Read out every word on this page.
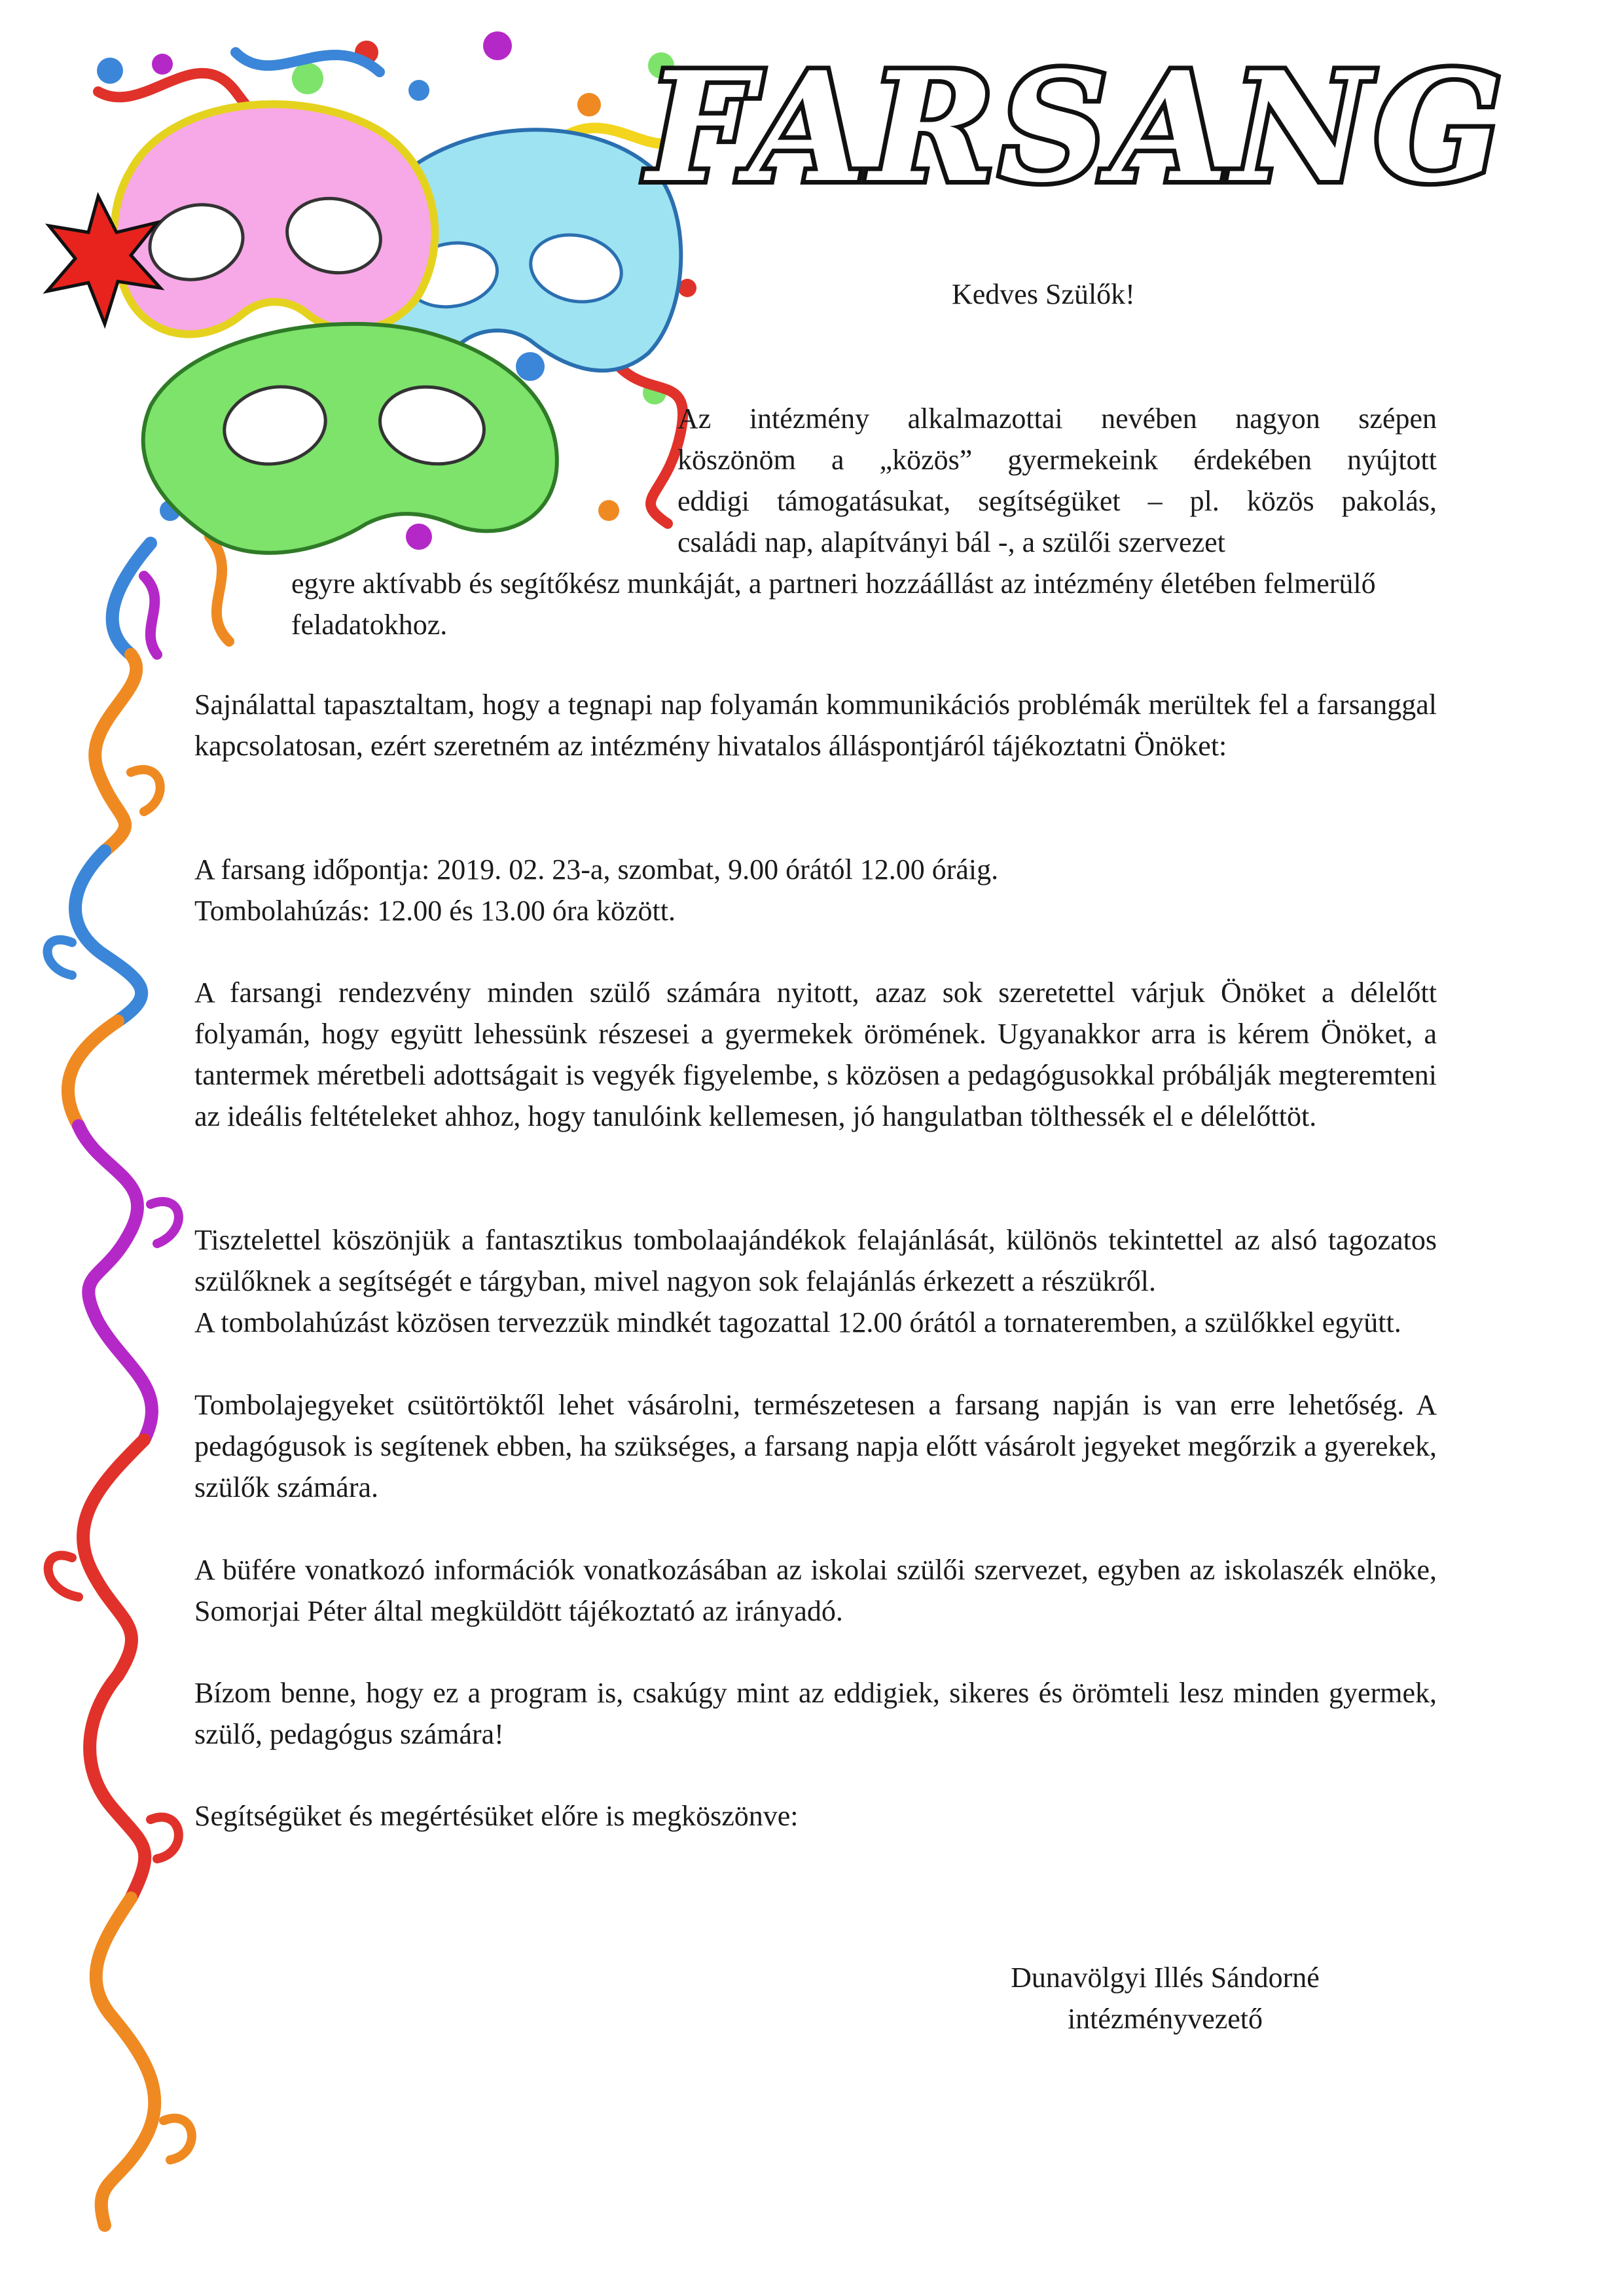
FARSANG
Kedves Szülők!
Az intézmény alkalmazottai nevében nagyon szépen
köszönöm a „közös” gyermekeink érdekében nyújtott
eddigi támogatásukat, segítségüket – pl. közös pakolás,
családi nap, alapítványi bál -, a szülői szervezet
egyre aktívabb és segítőkész munkáját, a partneri hozzáállást az intézmény életében felmerülő feladatokhoz.
Sajnálattal tapasztaltam, hogy a tegnapi nap folyamán kommunikációs problémák merültek fel a farsanggal kapcsolatosan, ezért szeretném az intézmény hivatalos álláspontjáról tájékoztatni Önöket:
A farsang időpontja: 2019. 02. 23-a, szombat, 9.00 órától 12.00 óráig.
Tombolahúzás: 12.00 és 13.00 óra között.
A farsangi rendezvény minden szülő számára nyitott, azaz sok szeretettel várjuk Önöket a délelőtt folyamán, hogy együtt lehessünk részesei a gyermekek örömének. Ugyanakkor arra is kérem Önöket, a tantermek méretbeli adottságait is vegyék figyelembe, s közösen a pedagógusokkal próbálják megteremteni az ideális feltételeket ahhoz, hogy tanulóink kellemesen, jó hangulatban tölthessék el e délelőttöt.
Tisztelettel köszönjük a fantasztikus tombolaajándékok felajánlását, különös tekintettel az alsó tagozatos szülőknek a segítségét e tárgyban, mivel nagyon sok felajánlás érkezett a részükről.
A tombolahúzást közösen tervezzük mindkét tagozattal 12.00 órától a tornateremben, a szülőkkel együtt.
Tombolajegyeket csütörtöktől lehet vásárolni, természetesen a farsang napján is van erre lehetőség. A pedagógusok is segítenek ebben, ha szükséges, a farsang napja előtt vásárolt jegyeket megőrzik a gyerekek, szülők számára.
A büfére vonatkozó információk vonatkozásában az iskolai szülői szervezet, egyben az iskolaszék elnöke, Somorjai Péter által megküldött tájékoztató az irányadó.
Bízom benne, hogy ez a program is, csakúgy mint az eddigiek, sikeres és örömteli lesz minden gyermek, szülő, pedagógus számára!
Segítségüket és megértésüket előre is megköszönve:
Dunavölgyi Illés Sándorné
intézményvezető
